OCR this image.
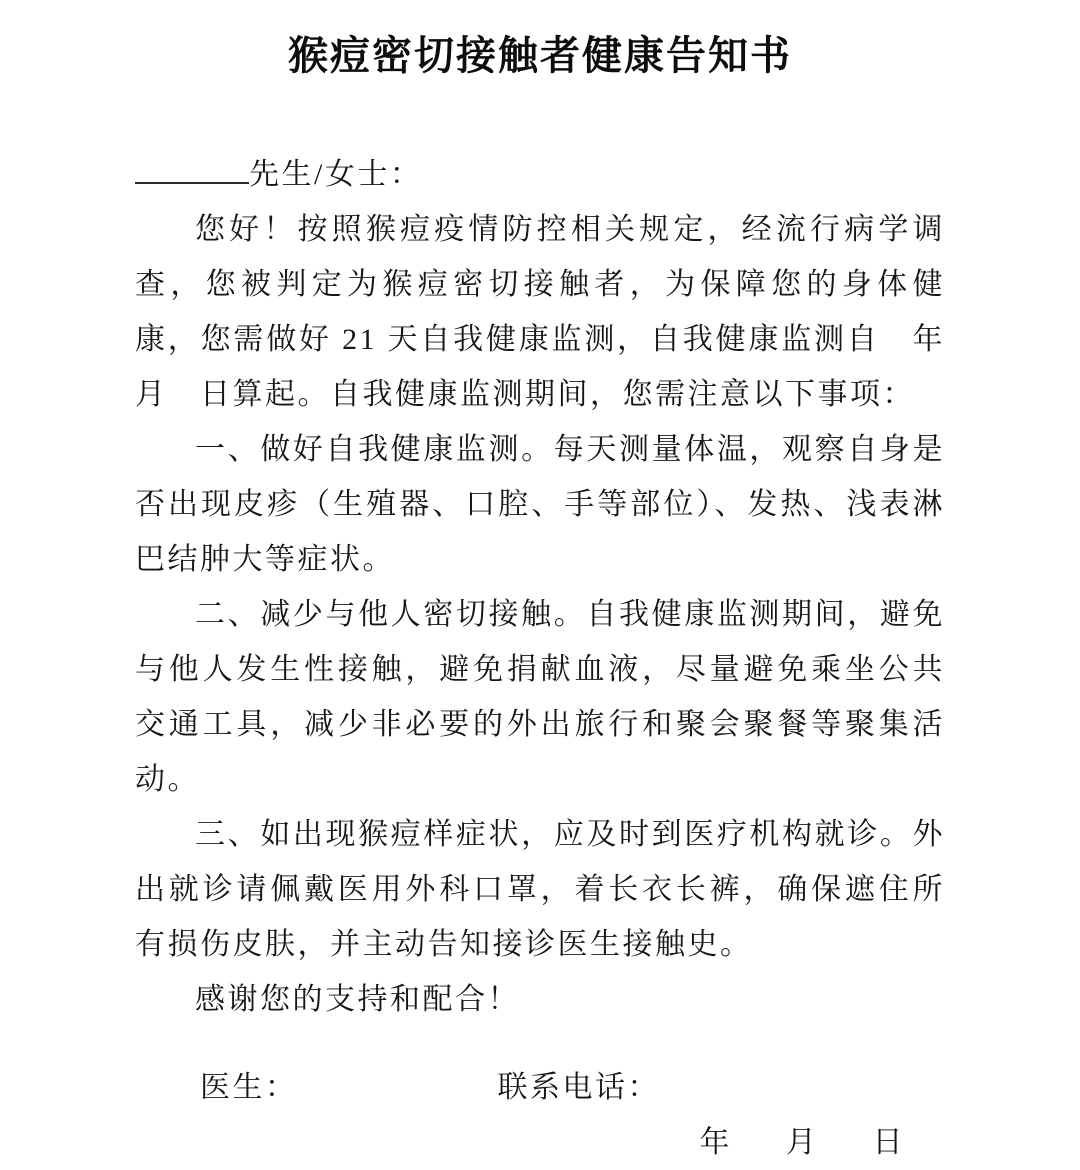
猴痘密切接触者健康告知书
先生/女士：

您好！按照猴痘疫情防控相关规定，经流行病学调查，您被判定为猴痘密切接触者，为保障您的身体健康，您需做好 21 天自我健康监测，自我健康监测自　年　月　日算起。自我健康监测期间，您需注意以下事项：

一、做好自我健康监测。每天测量体温，观察自身是否出现皮疹（生殖器、口腔、手等部位）、发热、浅表淋巴结肿大等症状。

二、减少与他人密切接触。自我健康监测期间，避免与他人发生性接触，避免捐献血液，尽量避免乘坐公共交通工具，减少非必要的外出旅行和聚会聚餐等聚集活动。

三、如出现猴痘样症状，应及时到医疗机构就诊。外出就诊请佩戴医用外科口罩，着长衣长裤，确保遮住所有损伤皮肤，并主动告知接诊医生接触史。

感谢您的支持和配合！

医生：	联系电话：
年 月 日
